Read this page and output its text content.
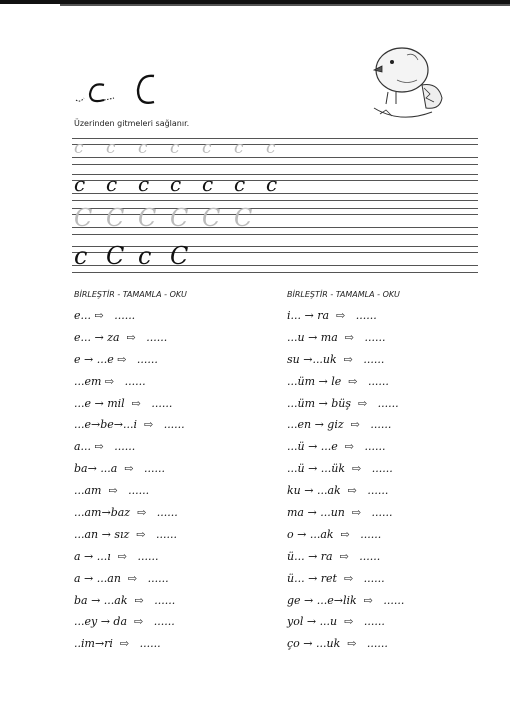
Üzerinden gitmeleri sağlanır.
c	c	c	c	c	c	c
c	c	c	c	c	c	c
C C C C C C
c C c C
BİRLEŞTİR - TAMAMLA - OKU	BİRLEŞTİR - TAMAMLA - OKU
e... ⇨   ......
e... → za  ⇨   ......
e → ...e ⇨   ......
...em ⇨   ......
...e → mil  ⇨   ......
...e→be→...i  ⇨   ......
a... ⇨   ......
ba→ ...a  ⇨   ......
...am  ⇨   ......
...am→baz  ⇨   ......
...an → sız  ⇨   ......
a → ...ı  ⇨   ......
a → ...an  ⇨   ......
ba → ...ak  ⇨   ......
...ey → da  ⇨   ......
..im→ri  ⇨   ......
i... → ra  ⇨   ......
...u → ma  ⇨   ......
su →...uk  ⇨   ......
...üm → le  ⇨   ......
...üm → büş  ⇨   ......
...en → giz  ⇨   ......
...ü → ...e  ⇨   ......
...ü → ...ük  ⇨   ......
ku → ...ak  ⇨   ......
ma → ...un  ⇨   ......
o → ...ak  ⇨   ......
ü... → ra  ⇨   ......
ü... → ret  ⇨   ......
ge → ...e→lik  ⇨   ......
yol → ...u  ⇨   ......
ço → ...uk  ⇨   ......
